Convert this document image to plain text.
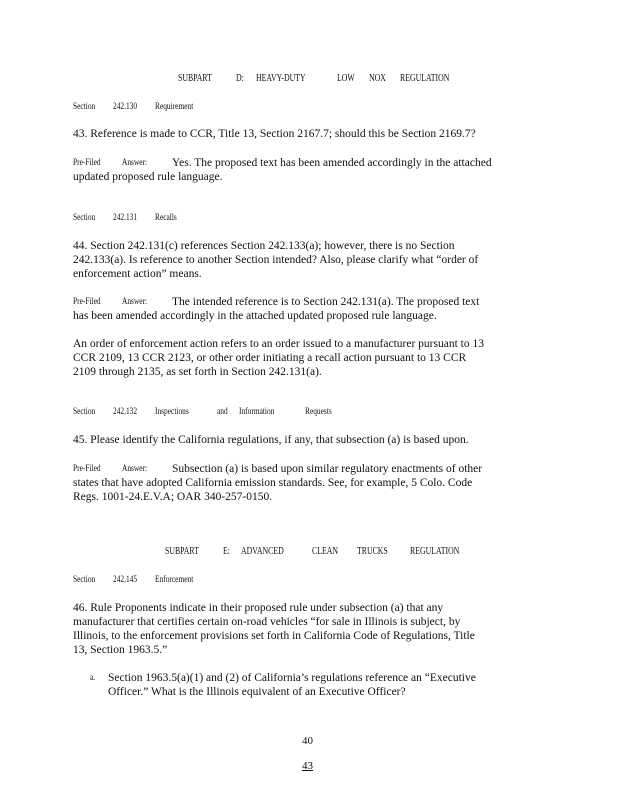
SUBPART D: HEAVY-DUTY	LOW NOX REGULATION
Section 242.130 Requirement
43. Reference is made to CCR, Title 13, Section 2167.7; should this be Section 2169.7?
Pre-Filed	Answer:	Yes. The proposed text has been amended accordingly in the attached
updated proposed rule language.
Section 242.131 Recalls
44. Section 242.131(c) references Section 242.133(a); however, there is no Section
242.133(a). Is reference to another Section intended? Also, please clarify what “order of
enforcement action” means.
Pre-Filed	Answer:	The intended reference is to Section 242.131(a). The proposed text
has been amended accordingly in the attached updated proposed rule language.
An order of enforcement action refers to an order issued to a manufacturer pursuant to 13
CCR 2109, 13 CCR 2123, or other order initiating a recall action pursuant to 13 CCR
2109 through 2135, as set forth in Section 242.131(a).
Section 242.132 Inspections	and Information	Requests
45. Please identify the California regulations, if any, that subsection (a) is based upon.
Pre-Filed	Answer:	Subsection (a) is based upon similar regulatory enactments of other
states that have adopted California emission standards. See, for example, 5 Colo. Code
Regs. 1001-24.E.V.A; OAR 340-257-0150.
SUBPART E: ADVANCED	CLEAN TRUCKS REGULATION
Section 242.145 Enforcement
46. Rule Proponents indicate in their proposed rule under subsection (a) that any
manufacturer that certifies certain on-road vehicles “for sale in Illinois is subject, by
Illinois, to the enforcement provisions set forth in California Code of Regulations, Title
13, Section 1963.5.”
a. Section 1963.5(a)(1) and (2) of California’s regulations reference an “Executive
Officer.” What is the Illinois equivalent of an Executive Officer?
40
43
